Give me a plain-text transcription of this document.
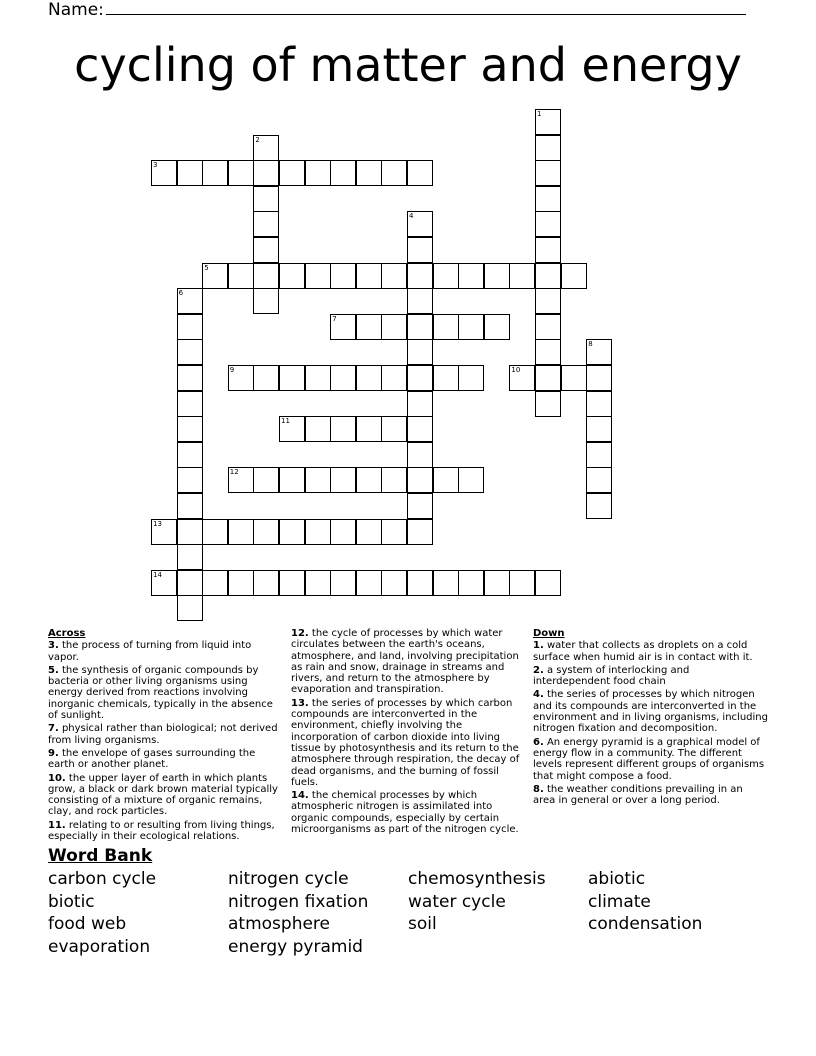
Name:
cycling of matter and energy
1
2
3
4
5
6
7
8
9	10
11
12
13
14
Across
3. the process of turning from liquid into vapor.
5. the synthesis of organic compounds by bacteria or other living organisms using energy derived from reactions involving inorganic chemicals, typically in the absence of sunlight.
7. physical rather than biological; not derived from living organisms.
9. the envelope of gases surrounding the earth or another planet.
10. the upper layer of earth in which plants grow, a black or dark brown material typically consisting of a mixture of organic remains, clay, and rock particles.
11. relating to or resulting from living things, especially in their ecological relations.
12. the cycle of processes by which water circulates between the earth's oceans, atmosphere, and land, involving precipitation as rain and snow, drainage in streams and rivers, and return to the atmosphere by evaporation and transpiration.
13. the series of processes by which carbon compounds are interconverted in the environment, chiefly involving the incorporation of carbon dioxide into living tissue by photosynthesis and its return to the atmosphere through respiration, the decay of dead organisms, and the burning of fossil fuels.
14. the chemical processes by which atmospheric nitrogen is assimilated into organic compounds, especially by certain microorganisms as part of the nitrogen cycle.
Down
1. water that collects as droplets on a cold surface when humid air is in contact with it.
2. a system of interlocking and interdependent food chain
4. the series of processes by which nitrogen and its compounds are interconverted in the environment and in living organisms, including nitrogen fixation and decomposition.
6. An energy pyramid is a graphical model of energy flow in a community. The different levels represent different groups of organisms that might compose a food.
8. the weather conditions prevailing in an area in general or over a long period.
Word Bank
carbon cycle	nitrogen cycle	chemosynthesis	abiotic
biotic	nitrogen fixation	water cycle	climate
food web	atmosphere	soil	condensation
evaporation	energy pyramid
